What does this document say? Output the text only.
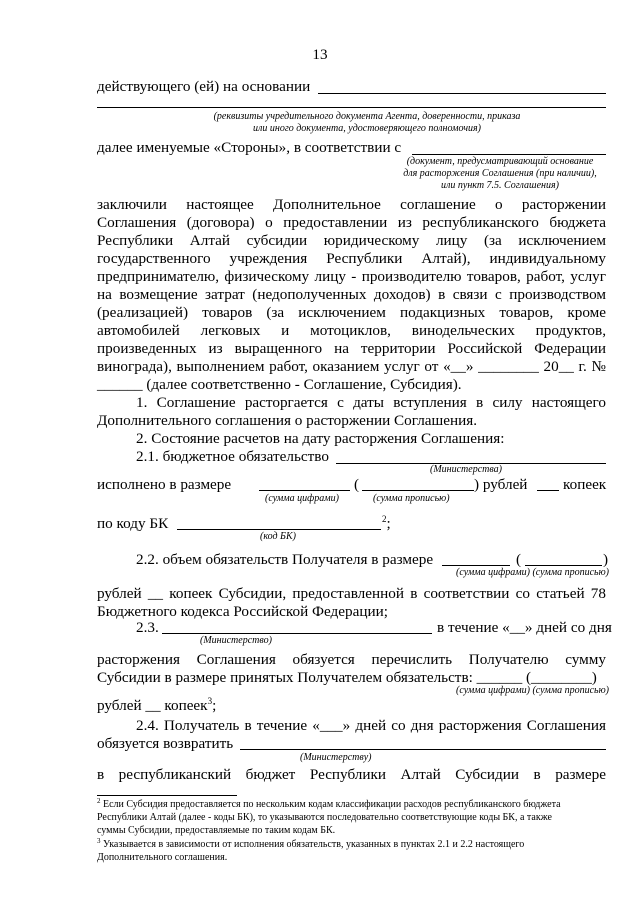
13
действующего (ей) на основании
(реквизиты учредительного документа Агента, доверенности, приказа
или иного документа, удостоверяющего полномочия)
далее именуемые «Стороны», в соответствии с
(документ, предусматривающий основание
для расторжения Соглашения (при наличии),
или пункт 7.5. Соглашения)
заключили настоящее Дополнительное соглашение о расторжении
Соглашения (договора) о предоставлении из республиканского бюджета
Республики Алтай субсидии юридическому лицу (за исключением
государственного учреждения Республики Алтай), индивидуальному
предпринимателю, физическому лицу - производителю товаров, работ, услуг
на возмещение затрат (недополученных доходов) в связи с производством
(реализацией) товаров (за исключением подакцизных товаров, кроме
автомобилей легковых и мотоциклов, винодельческих продуктов,
произведенных из выращенного на территории Российской Федерации
винограда), выполнением работ, оказанием услуг от «__» ________ 20__ г. №
______ (далее соответственно - Соглашение, Субсидия).
1. Соглашение расторгается с даты вступления в силу настоящего
Дополнительного соглашения о расторжении Соглашения.
2. Состояние расчетов на дату расторжения Соглашения:
2.1. бюджетное обязательство
(Министерства)
исполнено в размере	(	) рублей копеек
(сумма цифрами)	(сумма прописью)
по коду БК	$^2$;
(код БК)
2.2. объем обязательств Получателя в размере	(	)
(сумма цифрами) (сумма прописью)
рублей __ копеек Субсидии, предоставленной в соответствии со статьей 78
Бюджетного кодекса Российской Федерации;
2.3.	в течение «__» дней со дня
(Министерство)
расторжения Соглашения обязуется перечислить Получателю сумму
Субсидии в размере принятых Получателем обязательств: ______ (________)
(сумма цифрами) (сумма прописью)
рублей __ копеек$^3$;
2.4. Получатель в течение «___» дней со дня расторжения Соглашения
обязуется возвратить
(Министерству)
в республиканский бюджет Республики Алтай Субсидии в размере
$^2$ Если Субсидия предоставляется по нескольким кодам классификации расходов республиканского бюджета
Республики Алтай (далее - коды БК), то указываются последовательно соответствующие коды БК, а также
суммы Субсидии, предоставляемые по таким кодам БК.
$^3$ Указывается в зависимости от исполнения обязательств, указанных в пунктах 2.1 и 2.2 настоящего
Дополнительного соглашения.
